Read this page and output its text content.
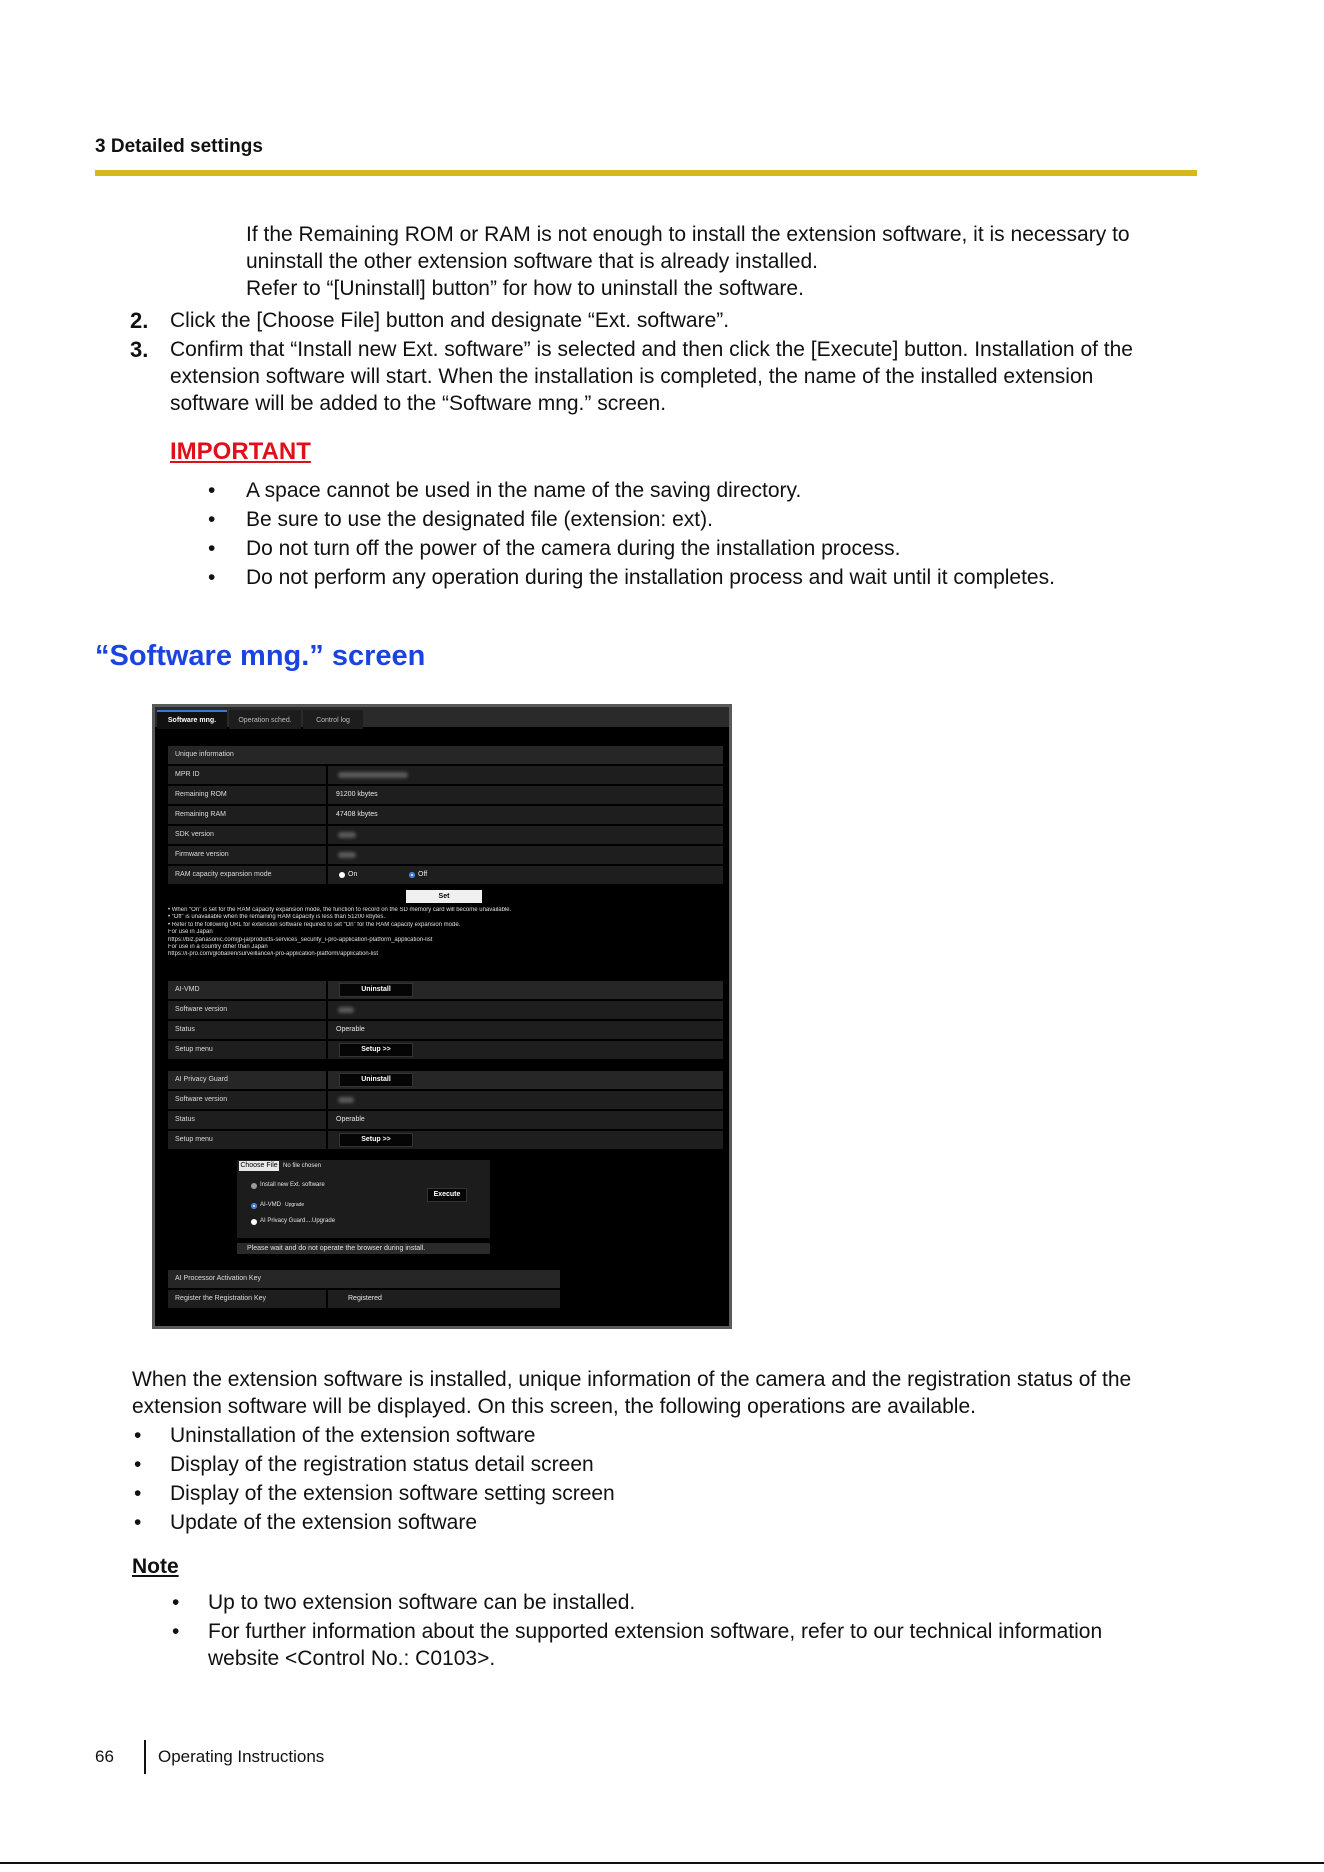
3 Detailed settings
If the Remaining ROM or RAM is not enough to install the extension software, it is necessary to
uninstall the other extension software that is already installed.
Refer to “[Uninstall] button” for how to uninstall the software.
2. Click the [Choose File] button and designate “Ext. software”.
3. Confirm that “Install new Ext. software” is selected and then click the [Execute] button. Installation of the
extension software will start. When the installation is completed, the name of the installed extension
software will be added to the “Software mng.” screen.
IMPORTANT
• A space cannot be used in the name of the saving directory.
• Be sure to use the designated file (extension: ext).
• Do not turn off the power of the camera during the installation process.
• Do not perform any operation during the installation process and wait until it completes.
“Software mng.” screen
Software mng.	Operation sched.	Control log
Unique information
MPR ID
Remaining ROM	91200 kbytes
Remaining RAM	47408 kbytes
SDK version
Firmware version
RAM capacity expansion mode	On	Off
Set
• When “On” is set for the RAM capacity expansion mode, the function to record on the SD memory card will become unavailable.
• “Off” is unavailable when the remaining RAM capacity is less than 51200 kbytes.
• Refer to the following URL for extension software required to set “On” for the RAM capacity expansion mode.
For use in Japan
https://biz.panasonic.com/jp-ja/products-services_security_i-pro-application-platform_application-list
For use in a country other than Japan
https://i-pro.com/global/en/surveillance/i-pro-application-platform/application-list
AI-VMD	Uninstall
Software version
Status	Operable
Setup menu	Setup >>
AI Privacy Guard	Uninstall
Software version
Status	Operable
Setup menu	Setup >>
Choose File No file chosen
Install new Ext. software
Execute
AI-VMD Upgrade
AI Privacy Guard....Upgrade
Please wait and do not operate the browser during install.
AI Processor Activation Key
Register the Registration Key	Registered
When the extension software is installed, unique information of the camera and the registration status of the
extension software will be displayed. On this screen, the following operations are available.
• Uninstallation of the extension software
• Display of the registration status detail screen
• Display of the extension software setting screen
• Update of the extension software
Note
• Up to two extension software can be installed.
• For further information about the supported extension software, refer to our technical information
website <Control No.: C0103>.
66	Operating Instructions
